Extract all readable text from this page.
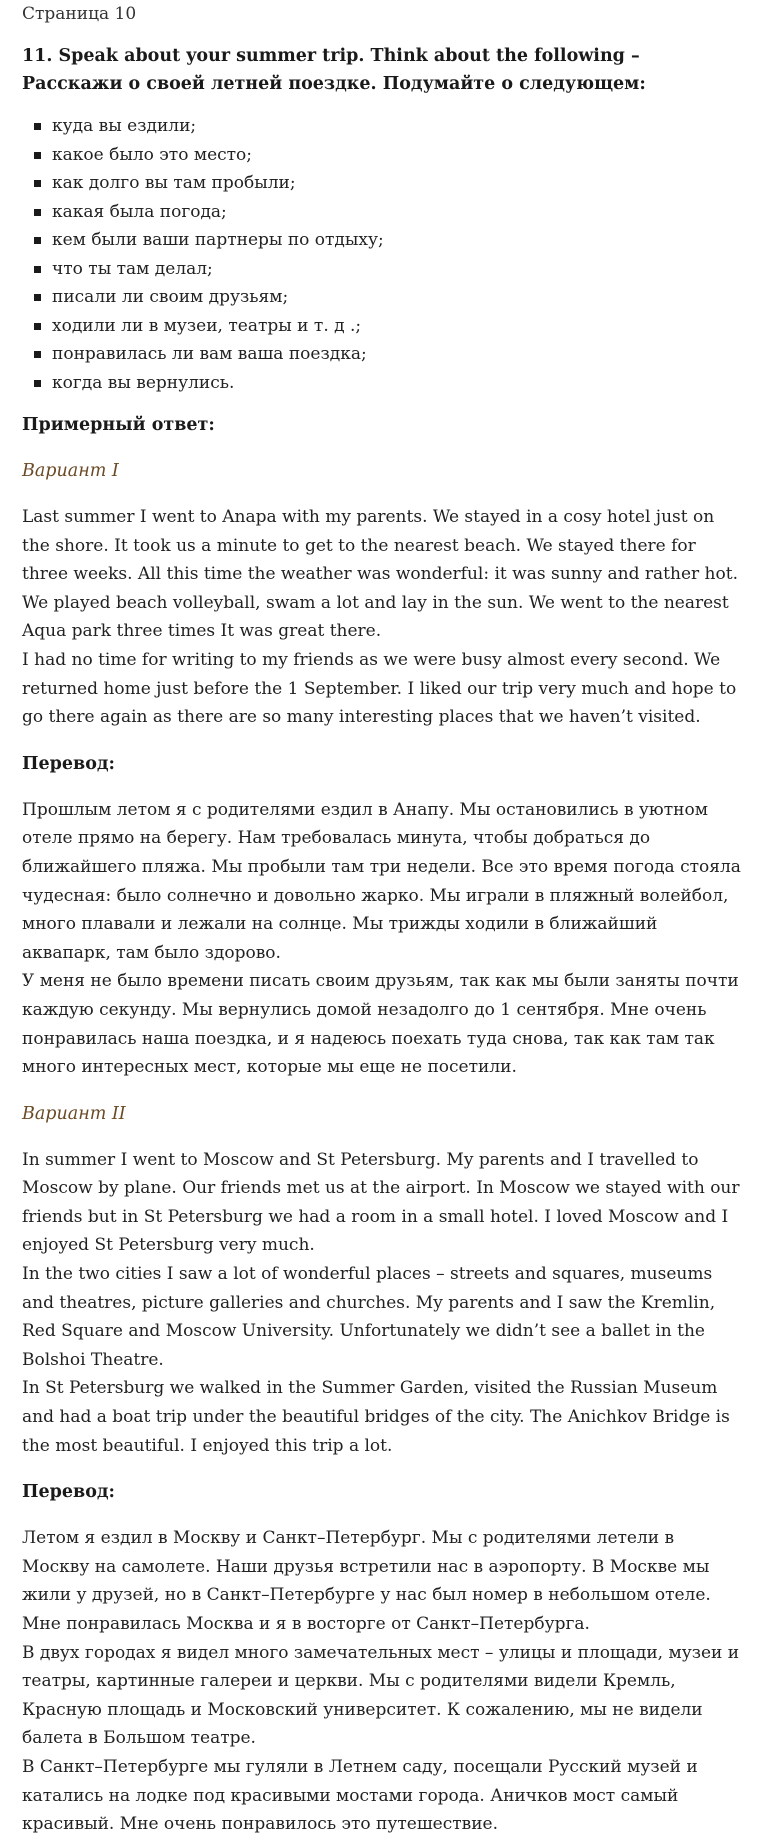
Страница 10

11. Speak about your summer trip. Think about the following – Расскажи о своей летней поездке. Подумайте о следующем:

куда вы ездили;
какое было это место;
как долго вы там пробыли;
какая была погода;
кем были ваши партнеры по отдыху;
что ты там делал;
писали ли своим друзьям;
ходили ли в музеи, театры и т. д .;
понравилась ли вам ваша поездка;
когда вы вернулись.

Примерный ответ:

Вариант I

Last summer I went to Anapa with my parents. We stayed in a cosy hotel just on the shore. It took us a minute to get to the nearest beach. We stayed there for three weeks. All this time the weather was wonderful: it was sunny and rather hot. We played beach volleyball, swam a lot and lay in the sun. We went to the nearest Aqua park three times It was great there.

I had no time for writing to my friends as we were busy almost every second. We returned home just before the 1 September. I liked our trip very much and hope to go there again as there are so many interesting places that we haven’t visited.

Перевод:

Прошлым летом я с родителями ездил в Анапу. Мы остановились в уютном отеле прямо на берегу. Нам требовалась минута, чтобы добраться до ближайшего пляжа. Мы пробыли там три недели. Все это время погода стояла чудесная: было солнечно и довольно жарко. Мы играли в пляжный волейбол, много плавали и лежали на солнце. Мы трижды ходили в ближайший аквапарк, там было здорово.

У меня не было времени писать своим друзьям, так как мы были заняты почти каждую секунду. Мы вернулись домой незадолго до 1 сентября. Мне очень понравилась наша поездка, и я надеюсь поехать туда снова, так как там так много интересных мест, которые мы еще не посетили.

Вариант II

In summer I went to Moscow and St Petersburg. My parents and I travelled to Moscow by plane. Our friends met us at the airport. In Moscow we stayed with our friends but in St Petersburg we had a room in a small hotel. I loved Moscow and I enjoyed St Petersburg very much.

In the two cities I saw a lot of wonderful places – streets and squares, museums and theatres, picture galleries and churches. My parents and I saw the Kremlin, Red Square and Moscow University. Unfortunately we didn’t see a ballet in the Bolshoi Theatre.

In St Petersburg we walked in the Summer Garden, visited the Russian Museum and had a boat trip under the beautiful bridges of the city. The Anichkov Bridge is the most beautiful. I enjoyed this trip a lot.

Перевод:

Летом я ездил в Москву и Санкт–Петербург. Мы с родителями летели в Москву на самолете. Наши друзья встретили нас в аэропорту. В Москве мы жили у друзей, но в Санкт–Петербурге у нас был номер в небольшом отеле. Мне понравилась Москва и я в восторге от Санкт–Петербурга.

В двух городах я видел много замечательных мест – улицы и площади, музеи и театры, картинные галереи и церкви. Мы с родителями видели Кремль, Красную площадь и Московский университет. К сожалению, мы не видели балета в Большом театре.

В Санкт–Петербурге мы гуляли в Летнем саду, посещали Русский музей и катались на лодке под красивыми мостами города. Аничков мост самый красивый. Мне очень понравилось это путешествие.
